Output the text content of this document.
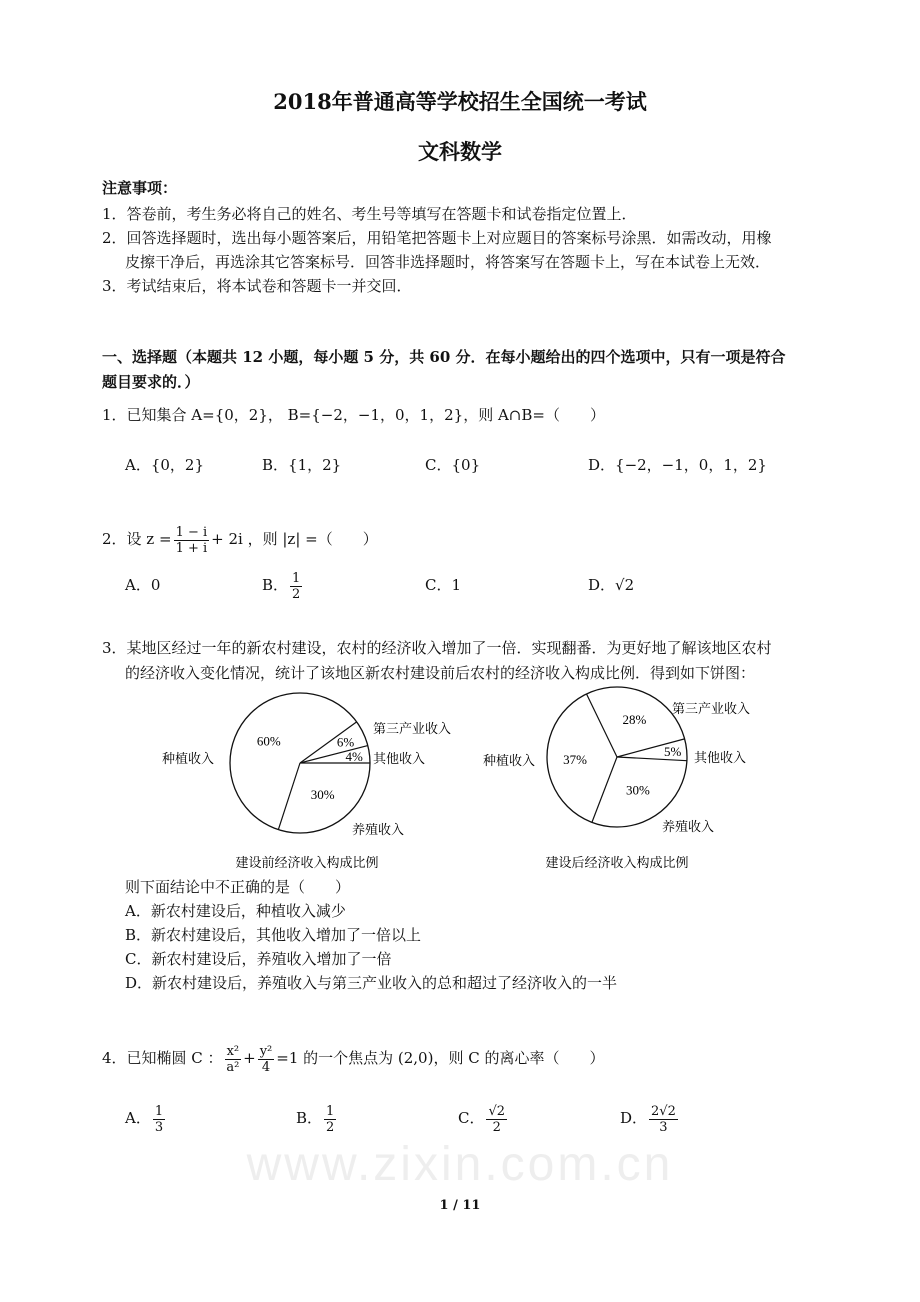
www.zixin.com.cn
2018年普通高等学校招生全国统一考试
文科数学
注意事项：
1．答卷前，考生务必将自己的姓名、考生号等填写在答题卡和试卷指定位置上．
2．回答选择题时，选出每小题答案后，用铅笔把答题卡上对应题目的答案标号涂黑．如需改动，用橡
皮擦干净后，再选涂其它答案标号．回答非选择题时，将答案写在答题卡上，写在本试卷上无效．
3．考试结束后，将本试卷和答题卡一并交回．
一、选择题（本题共 12 小题，每小题 5 分，共 60 分．在每小题给出的四个选项中，只有一项是符合
题目要求的．）
1．已知集合 A={0，2}， B={−2，−1，0，1，2}，则 A∩B=（　　）
A．{0，2}	B．{1，2}	C．{0}	D．{−2，−1，0，1，2}
2．设 $z = \frac{1 - i}{1 + i} + 2i$ ，则 |z| =（　　）
A．0	B． $\frac{1}{2}$	C．1	D．√2
3．某地区经过一年的新农村建设，农村的经济收入增加了一倍．实现翻番．为更好地了解该地区农村
的经济收入变化情况，统计了该地区新农村建设前后农村的经济收入构成比例．得到如下饼图：
4% 其他收入
6%
第三产业收入
60%
种植收入
30%
养殖收入
建设前经济收入构成比例
5% 其他收入
28%
第三产业收入
37%
种植收入
30%
养殖收入
建设后经济收入构成比例
则下面结论中不正确的是（　　）
A．新农村建设后，种植收入减少
B．新农村建设后，其他收入增加了一倍以上
C．新农村建设后，养殖收入增加了一倍
D．新农村建设后，养殖收入与第三产业收入的总和超过了经济收入的一半
4．已知椭圆 C ： $\frac{\text{x²}}{\text{a²}} + \frac{\text{y²}}{4} =1$ 的一个焦点为 (2,0)，则 C 的离心率（　　）
A． $\frac{1}{3}$	B． $\frac{1}{2}$	C． $\frac{√2}{2}$	D． $\frac{2√2}{3}$
1 / 11
